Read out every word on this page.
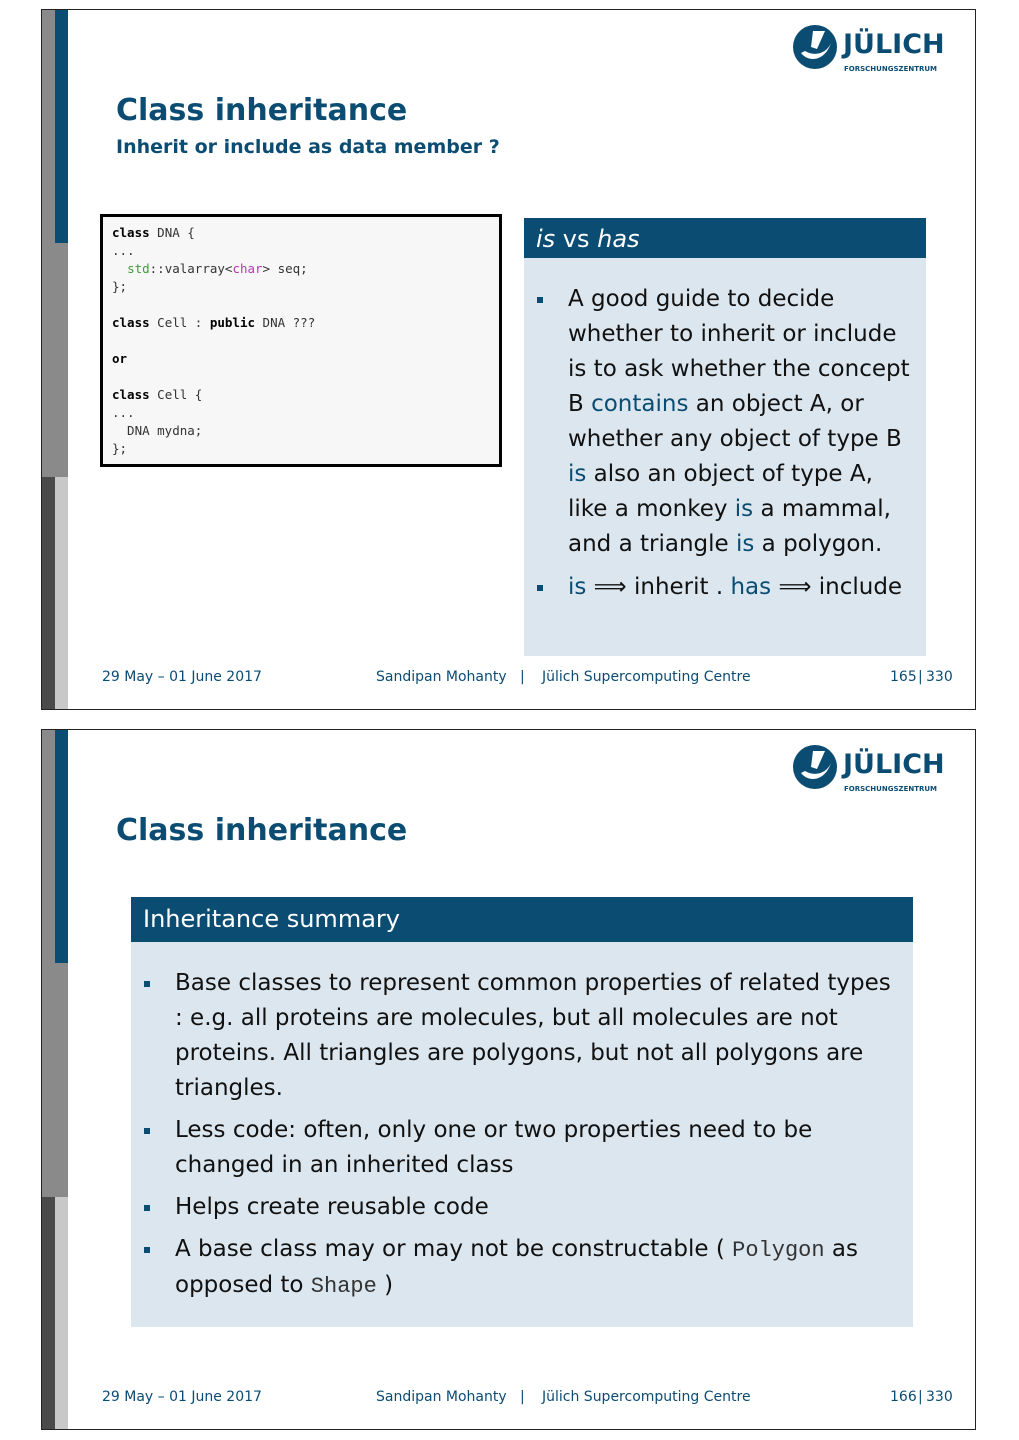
JÜLICH
FORSCHUNGSZENTRUM
Class inheritance
Inherit or include as data member ?
class DNA {
...
std::valarray<char> seq;
};

class Cell : public DNA ???

or

class Cell {
...
DNA mydna;
};
is vs has
A good guide to decide whether to inherit or include is to ask whether the concept B contains an object A, or whether any object of type B is also an object of type A, like a monkey is a mammal, and a triangle is a polygon.
is ⟹ inherit . has ⟹ include
29 May – 01 June 2017	Sandipan Mohanty | Jülich Supercomputing Centre	165 | 330
JÜLICH
FORSCHUNGSZENTRUM
Class inheritance
Inheritance summary
Base classes to represent common properties of related types : e.g. all proteins are molecules, but all molecules are not proteins. All triangles are polygons, but not all polygons are triangles.
Less code: often, only one or two properties need to be changed in an inherited class
Helps create reusable code
A base class may or may not be constructable ( Polygon as opposed to Shape )
29 May – 01 June 2017	Sandipan Mohanty | Jülich Supercomputing Centre	166 | 330
